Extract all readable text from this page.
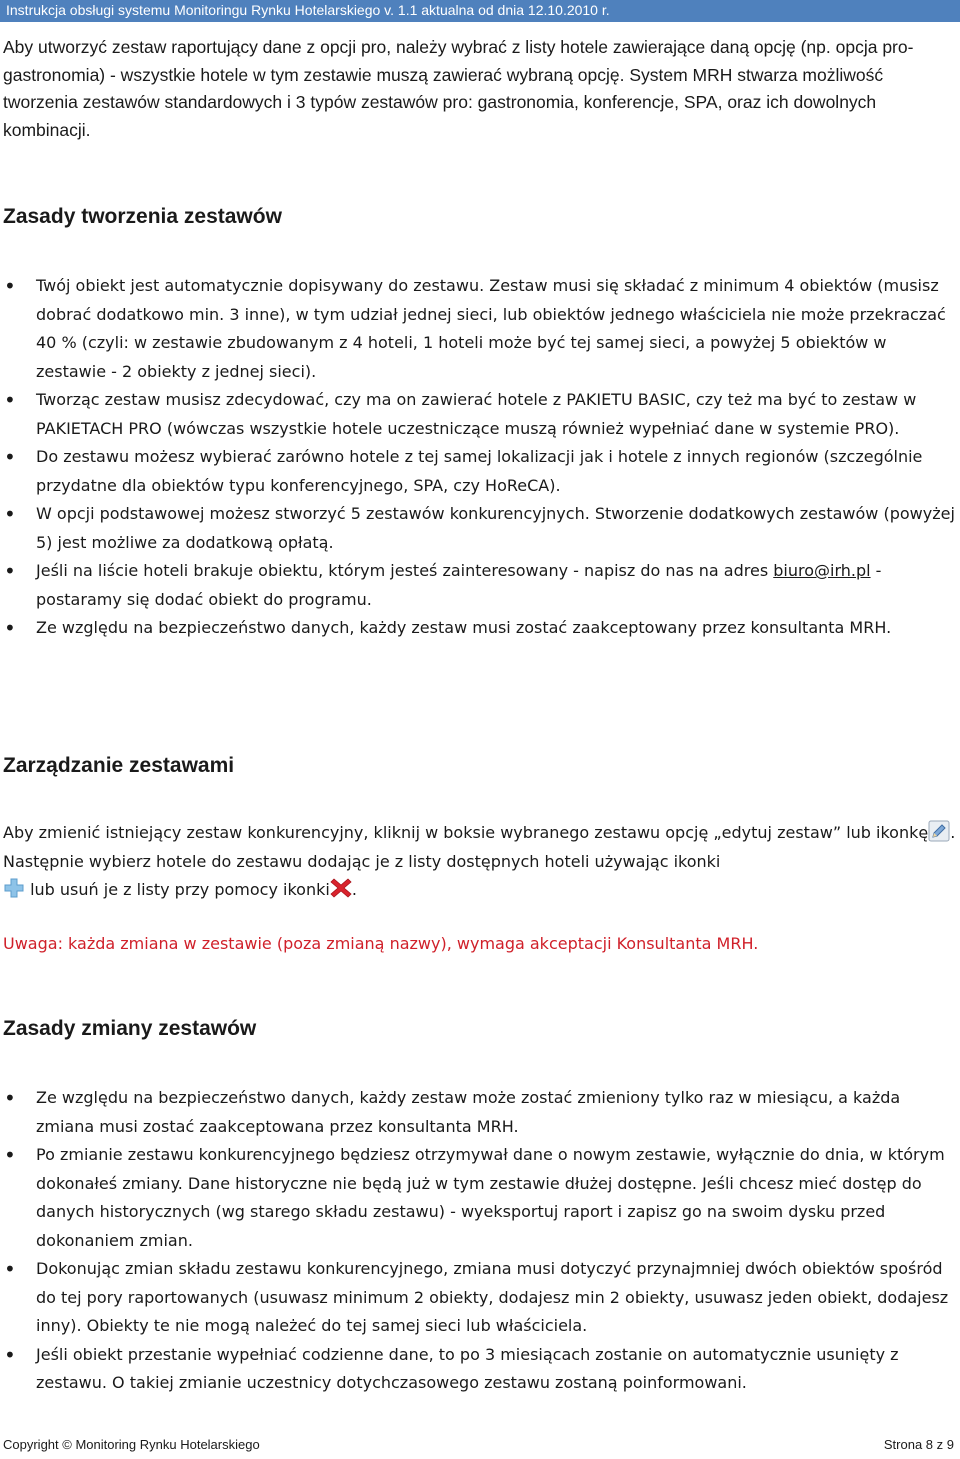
Instrukcja obsługi systemu Monitoringu Rynku Hotelarskiego v. 1.1 aktualna od dnia 12.10.2010 r.
Aby utworzyć zestaw raportujący dane z opcji pro, należy wybrać z listy hotele zawierające daną opcję (np. opcja pro-gastronomia) - wszystkie hotele w tym zestawie muszą zawierać wybraną opcję. System MRH stwarza możliwość tworzenia zestawów standardowych i 3 typów zestawów pro: gastronomia, konferencje, SPA, oraz ich dowolnych kombinacji.
Zasady tworzenia zestawów
• Twój obiekt jest automatycznie dopisywany do zestawu. Zestaw musi się składać z minimum 4 obiektów (musisz dobrać dodatkowo min. 3 inne), w tym udział jednej sieci, lub obiektów jednego właściciela nie może przekraczać 40 % (czyli: w zestawie zbudowanym z 4 hoteli, 1 hoteli może być tej samej sieci, a powyżej 5 obiektów w zestawie - 2 obiekty z jednej sieci).
• Tworząc zestaw musisz zdecydować, czy ma on zawierać hotele z PAKIETU BASIC, czy też ma być to zestaw w PAKIETACH PRO (wówczas wszystkie hotele uczestniczące muszą również wypełniać dane w systemie PRO).
• Do zestawu możesz wybierać zarówno hotele z tej samej lokalizacji jak i hotele z innych regionów (szczególnie przydatne dla obiektów typu konferencyjnego, SPA, czy HoReCA).
• W opcji podstawowej możesz stworzyć 5 zestawów konkurencyjnych. Stworzenie dodatkowych zestawów (powyżej 5) jest możliwe za dodatkową opłatą.
• Jeśli na liście hoteli brakuje obiektu, którym jesteś zainteresowany - napisz do nas na adres biuro@irh.pl - postaramy się dodać obiekt do programu.
• Ze względu na bezpieczeństwo danych, każdy zestaw musi zostać zaakceptowany przez konsultanta MRH.
Zarządzanie zestawami
Aby zmienić istniejący zestaw konkurencyjny, kliknij w boksie wybranego zestawu opcję „edytuj zestaw” lub ikonkę . Następnie wybierz hotele do zestawu dodając je z listy dostępnych hoteli używając ikonki
lub usuń je z listy przy pomocy ikonki .
Uwaga: każda zmiana w zestawie (poza zmianą nazwy), wymaga akceptacji Konsultanta MRH.
Zasady zmiany zestawów
• Ze względu na bezpieczeństwo danych, każdy zestaw może zostać zmieniony tylko raz w miesiącu, a każda zmiana musi zostać zaakceptowana przez konsultanta MRH.
• Po zmianie zestawu konkurencyjnego będziesz otrzymywał dane o nowym zestawie, wyłącznie do dnia, w którym dokonałeś zmiany. Dane historyczne nie będą już w tym zestawie dłużej dostępne. Jeśli chcesz mieć dostęp do danych historycznych (wg starego składu zestawu) - wyeksportuj raport i zapisz go na swoim dysku przed dokonaniem zmian.
• Dokonując zmian składu zestawu konkurencyjnego, zmiana musi dotyczyć przynajmniej dwóch obiektów spośród do tej pory raportowanych (usuwasz minimum 2 obiekty, dodajesz min 2 obiekty, usuwasz jeden obiekt, dodajesz inny). Obiekty te nie mogą należeć do tej samej sieci lub właściciela.
• Jeśli obiekt przestanie wypełniać codzienne dane, to po 3 miesiącach zostanie on automatycznie usunięty z zestawu. O takiej zmianie uczestnicy dotychczasowego zestawu zostaną poinformowani.
Copyright © Monitoring Rynku Hotelarskiego	Strona 8 z 9
